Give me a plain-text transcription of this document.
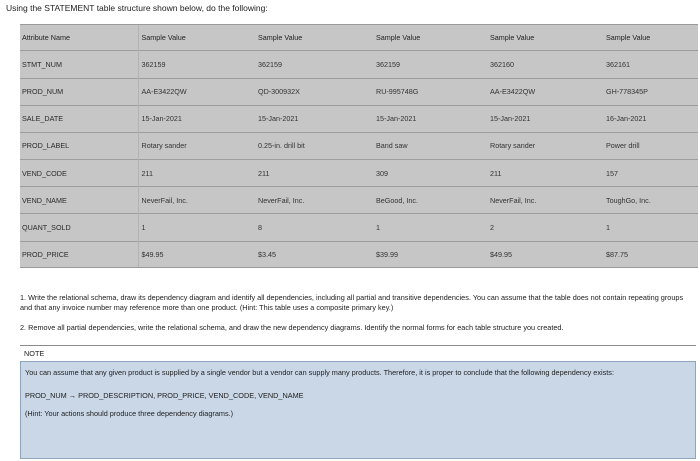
Using the STATEMENT table structure shown below, do the following:
Attribute Name	Sample Value	Sample Value	Sample Value	Sample Value	Sample Value
STMT_NUM	362159	362159	362159	362160	362161
PROD_NUM	AA-E3422QW	QD-300932X	RU-995748G	AA-E3422QW	GH-778345P
SALE_DATE	15-Jan-2021	15-Jan-2021	15-Jan-2021	15-Jan-2021	16-Jan-2021
PROD_LABEL	Rotary sander	0.25-in. drill bit	Band saw	Rotary sander	Power drill
VEND_CODE	211	211	309	211	157
VEND_NAME	NeverFail, Inc.	NeverFail, Inc.	BeGood, Inc.	NeverFail, Inc.	ToughGo, Inc.
QUANT_SOLD	1	8	1	2	1
PROD_PRICE	$49.95	$3.45	$39.99	$49.95	$87.75
1. Write the relational schema, draw its dependency diagram and identify all dependencies, including all partial and transitive dependencies. You can assume that the table does not contain repeating groups and that any invoice number may reference more than one product. (Hint: This table uses a composite primary key.)
2. Remove all partial dependencies, write the relational schema, and draw the new dependency diagrams. Identify the normal forms for each table structure you created.
NOTE

You can assume that any given product is supplied by a single vendor but a vendor can supply many products. Therefore, it is proper to conclude that the following dependency exists:

PROD_NUM → PROD_DESCRIPTION, PROD_PRICE, VEND_CODE, VEND_NAME

(Hint: Your actions should produce three dependency diagrams.)
